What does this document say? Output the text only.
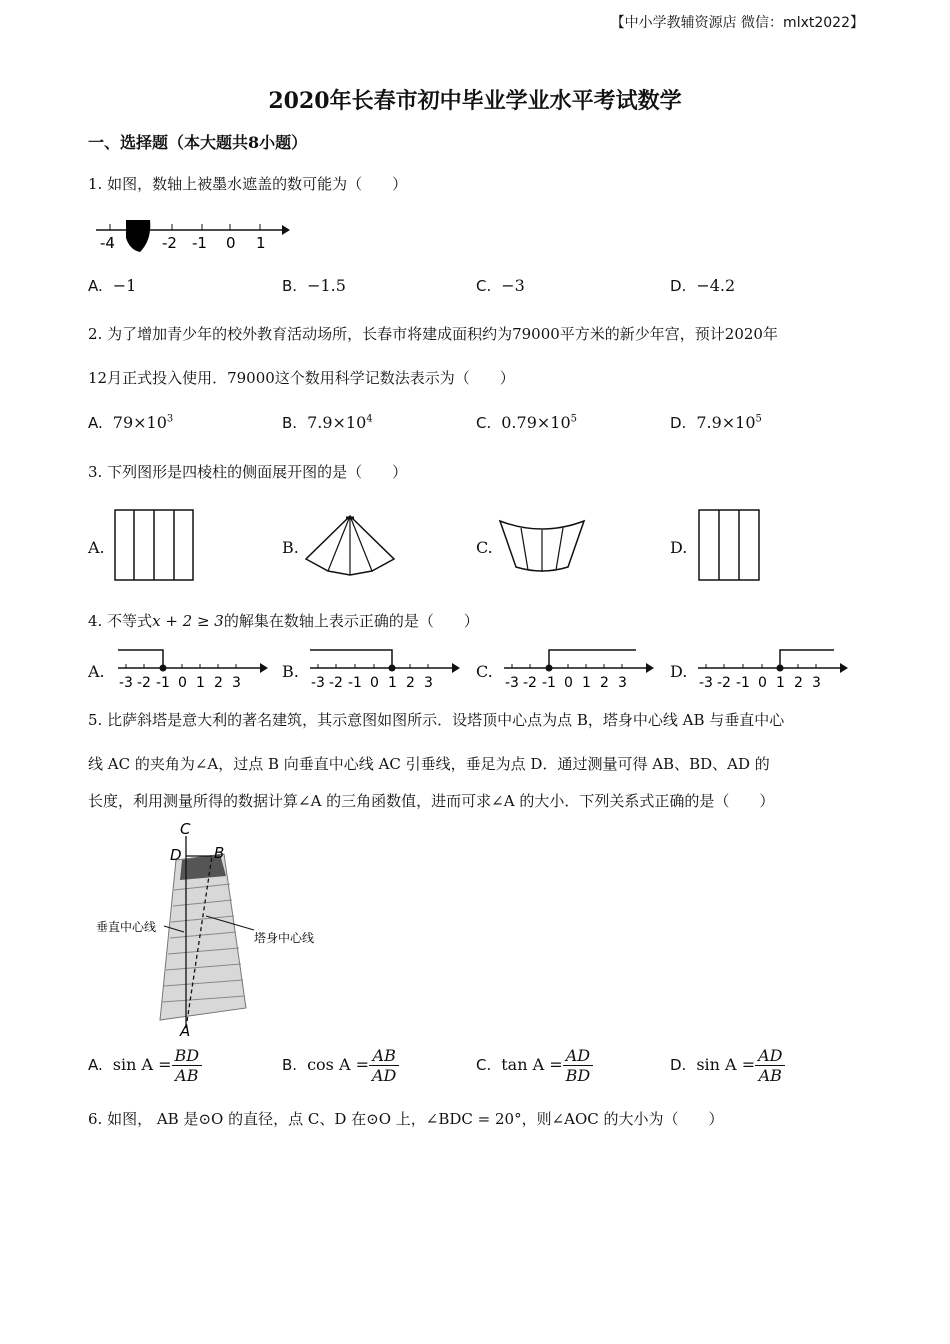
【中小学教辅资源店 微信：mlxt2022】
2020年长春市初中毕业学业水平考试数学
一、选择题（本大题共8小题）
1. 如图，数轴上被墨水遮盖的数可能为（　　）
-4	-2 -1 0 1
A. −1	B. −1.5	C. −3	D. −4.2
2. 为了增加青少年的校外教育活动场所，长春市将建成面积约为79000平方米的新少年宫，预计2020年
12月正式投入使用．79000这个数用科学记数法表示为（　　）
A. $79\times 10^3$	B. $7.9\times 10^4$	C. $0.79\times 10^5$	D. $7.9\times 10^5$
3. 下列图形是四棱柱的侧面展开图的是（　　）
A.	B.	C.	D.
4. 不等式x + 2 ≥ 3的解集在数轴上表示正确的是（　　）
A.
-3 -2 -1 0 1 2 3
B.
-3 -2 -1 0 1 2 3
C.
-3 -2 -1 0 1 2 3
D.
-3 -2 -1 0 1 2 3
5. 比萨斜塔是意大利的著名建筑，其示意图如图所示．设塔顶中心点为点 B，塔身中心线 AB 与垂直中心
线 AC 的夹角为∠A，过点 B 向垂直中心线 AC 引垂线，垂足为点 D．通过测量可得 AB、BD、AD 的
长度，利用测量所得的数据计算∠A 的三角函数值，进而可求∠A 的大小．下列关系式正确的是（　　）
C
D B
A
垂直中心线
塔身中心线
A. $\sin A = \frac{BD}{AB}$	B. $\cos A = \frac{AB}{AD}$	C. $\tan A = \frac{AD}{BD}$	D. $\sin A = \frac{AD}{AB}$
6. 如图， AB 是⊙O 的直径，点 C、D 在⊙O 上，∠BDC = 20°，则∠AOC 的大小为（　　）
